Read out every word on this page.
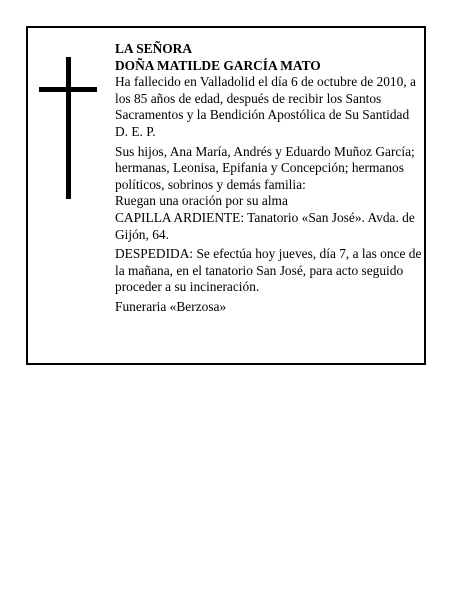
LA SEÑORA

DOÑA MATILDE GARCÍA MATO

Ha fallecido en Valladolid el día 6 de octubre de 2010, a los 85 años de edad, después de recibir los Santos Sacramentos y la Bendición Apostólica de Su Santidad D. E. P.

Sus hijos, Ana María, Andrés y Eduardo Muñoz García; hermanas, Leonisa, Epifania y Concepción; hermanos políticos, sobrinos y demás familia:

Ruegan una oración por su alma

CAPILLA ARDIENTE: Tanatorio «San José». Avda. de Gijón, 64.

DESPEDIDA: Se efectúa hoy jueves, día 7, a las once de la mañana, en el tanatorio San José, para acto seguido proceder a su incineración.

Funeraria «Berzosa»
